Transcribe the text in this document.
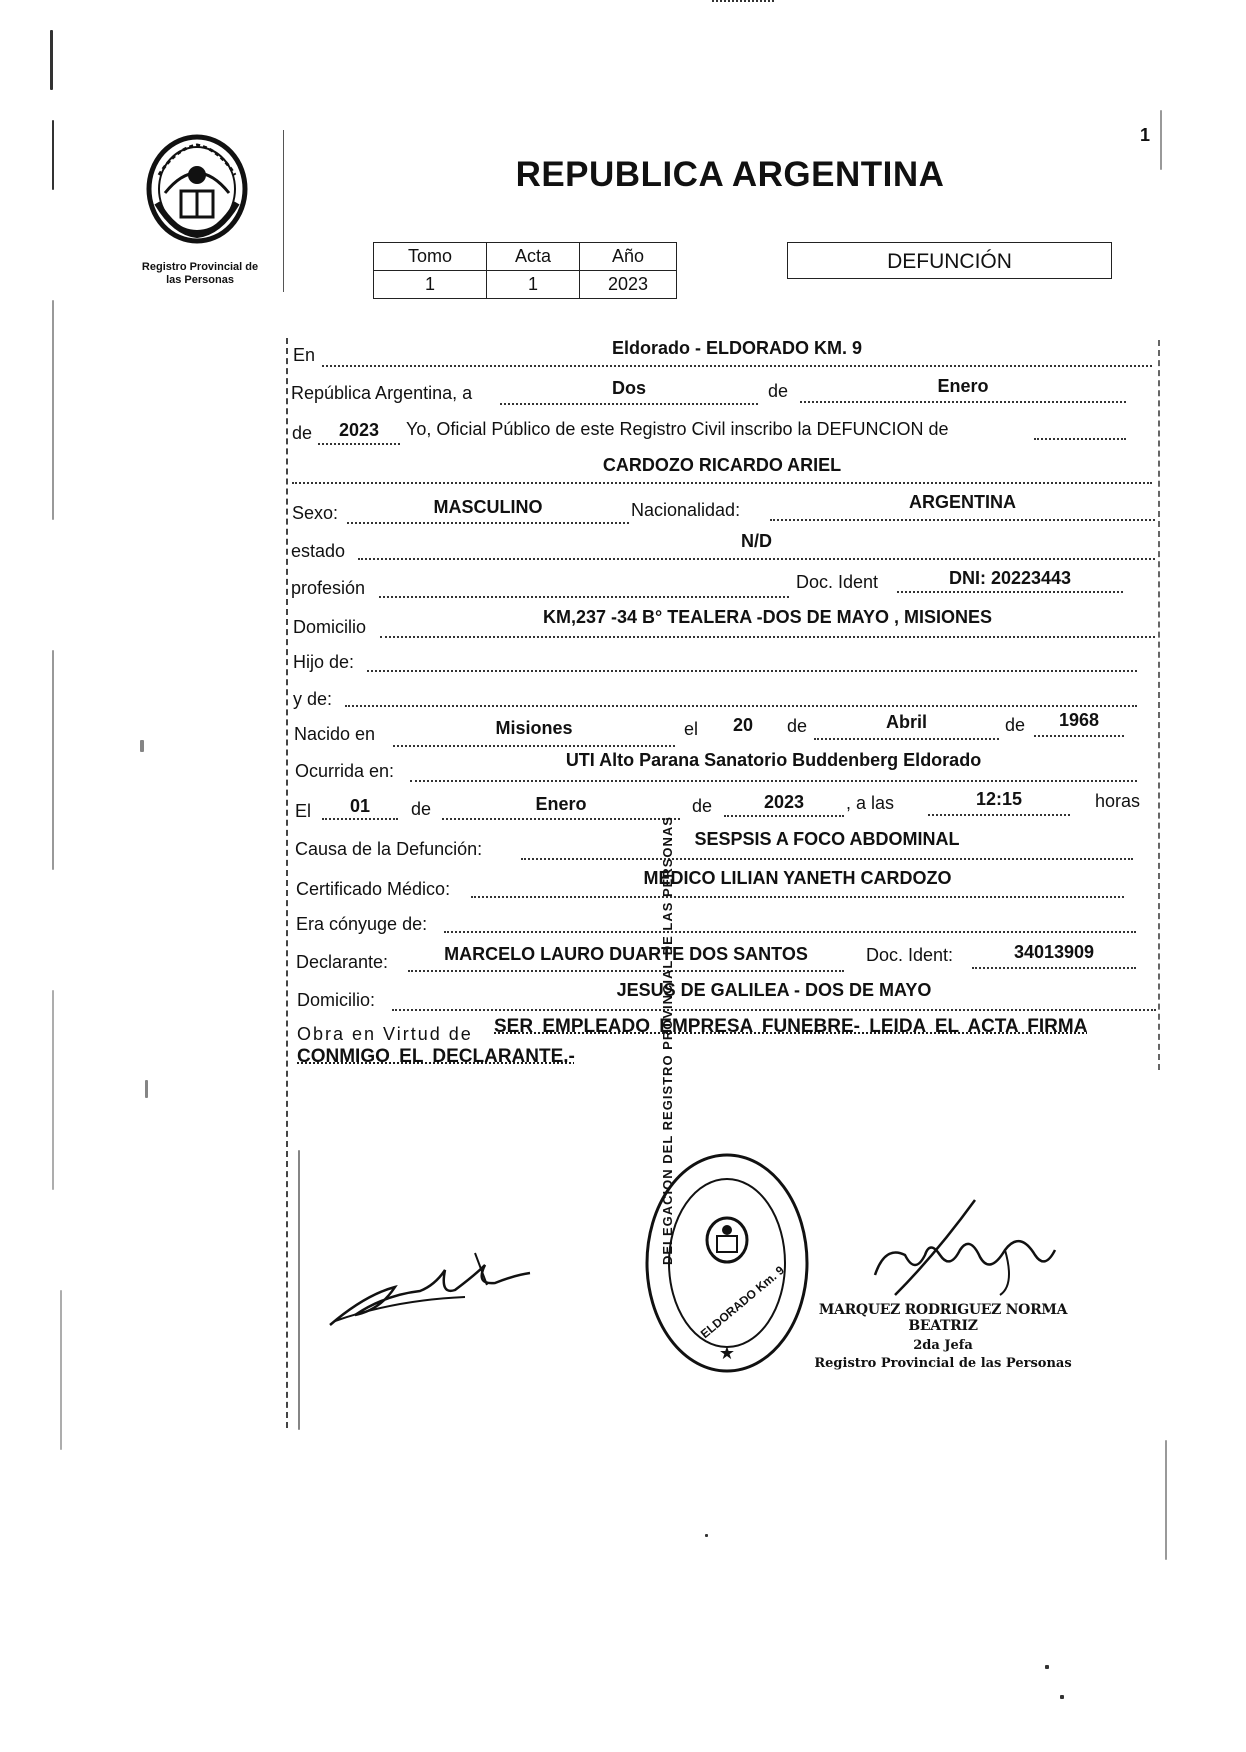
Registro Provincial de
las Personas
REPUBLICA ARGENTINA
1
Tomo	Acta	Año
1	1	2023
DEFUNCIÓN
En	Eldorado - ELDORADO KM. 9
República Argentina, a	Dos	de	Enero
de	2023	Yo, Oficial Público de este Registro Civil inscribo la DEFUNCION de
CARDOZO RICARDO ARIEL
Sexo:	MASCULINO	Nacionalidad:	ARGENTINA
estado	N/D
profesión	Doc. Ident	DNI: 20223443
Domicilio	KM,237 -34 B° TEALERA -DOS DE MAYO , MISIONES
Hijo de:
y de:
Nacido en	Misiones	el	20	de	Abril	de	1968
Ocurrida en:
UTI Alto Parana Sanatorio Buddenberg Eldorado
El	01	de	Enero	de	2023	, a las	12:15	horas
Causa de la Defunción:	SESPSIS A FOCO ABDOMINAL
Certificado Médico:
MEDICO LILIAN YANETH CARDOZO
Era cónyuge de:
Declarante:	MARCELO LAURO DUARTE DOS SANTOS	Doc. Ident:	34013909
Domicilio:	JESUS DE GALILEA - DOS DE MAYO
Obra en Virtud de SER EMPLEADO EMPRESA FUNEBRE- LEIDA EL ACTA FIRMA
CONMIGO EL DECLARANTE.-
★
DELEGACION DEL REGISTRO PROVINCIAL DE LAS PERSONAS
ELDORADO Km. 9	MARQUEZ RODRIGUEZ NORMA BEATRIZ
2da Jefa
Registro Provincial de las Personas
